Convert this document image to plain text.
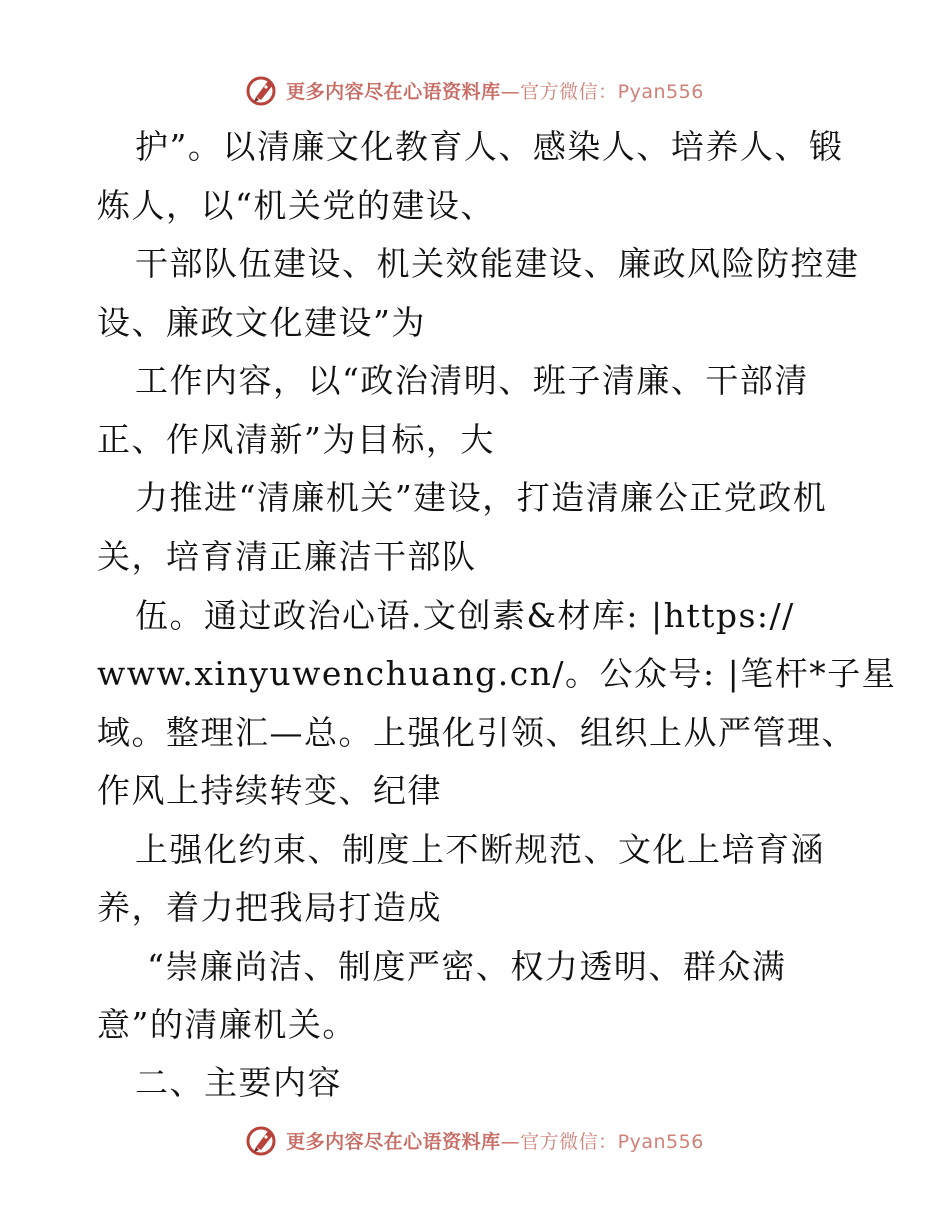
更多内容尽在心语资料库—官方微信：Pyan556
护”。以清廉文化教育人、感染人、培养人、锻
炼人，以“机关党的建设、
干部队伍建设、机关效能建设、廉政风险防控建
设、廉政文化建设”为
工作内容，以“政治清明、班子清廉、干部清
正、作风清新”为目标，大
力推进“清廉机关”建设，打造清廉公正党政机
关，培育清正廉洁干部队
伍。通过政治心语.文创素&材库: |https://
www.xinyuwenchuang.cn/。公众号: |笔杆*子星
域。整理汇—总。上强化引领、组织上从严管理、
作风上持续转变、纪律
上强化约束、制度上不断规范、文化上培育涵
养，着力把我局打造成
“崇廉尚洁、制度严密、权力透明、群众满
意”的清廉机关。
二、主要内容
更多内容尽在心语资料库—官方微信：Pyan556
